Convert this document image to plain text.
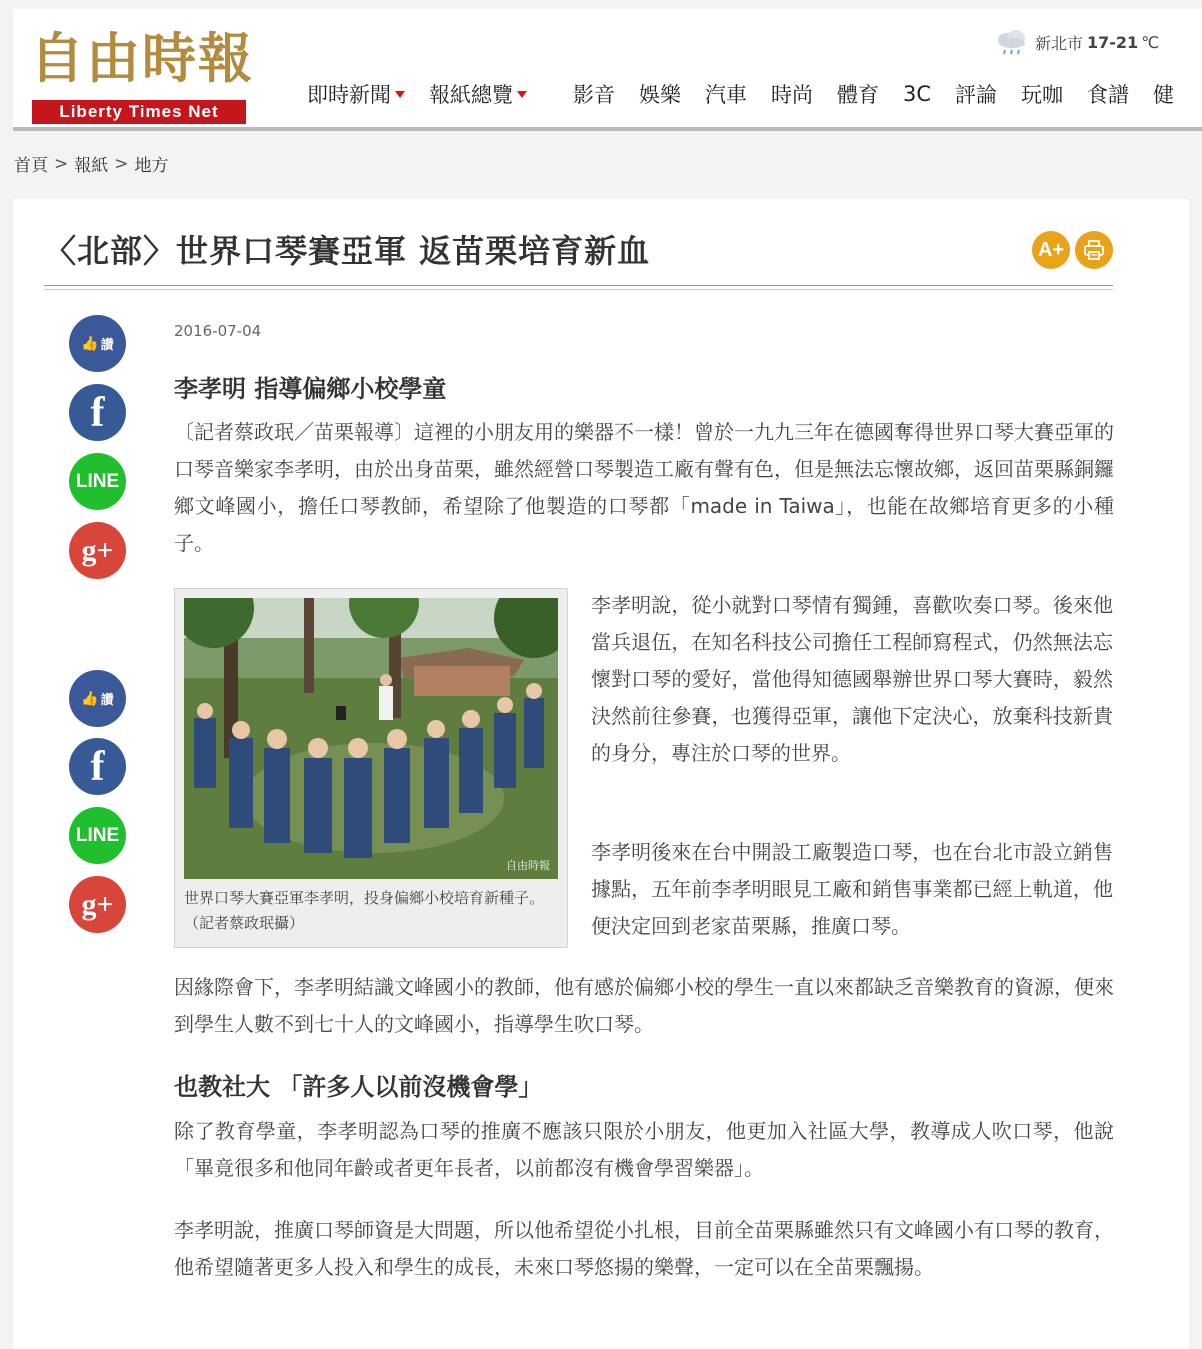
自由時報
Liberty Times Net
新北市 17-21 ℃
即時新聞 報紙總覽	影音 娛樂 汽車 時尚 體育 3C 評論 玩咖 食譜 健
首頁 > 報紙 > 地方
〈北部〉世界口琴賽亞軍 返苗栗培育新血	A+
👍 讚
f
LINE
g+
👍 讚
f
LINE
g+
2016-07-04
李孝明 指導偏鄉小校學童

〔記者蔡政珉／苗栗報導〕這裡的小朋友用的樂器不一樣！曾於一九九三年在德國奪得世界口琴大賽亞軍的口琴音樂家李孝明，由於出身苗栗，雖然經營口琴製造工廠有聲有色，但是無法忘懷故鄉，返回苗栗縣銅鑼鄉文峰國小，擔任口琴教師，希望除了他製造的口琴都「made in Taiwa」，也能在故鄉培育更多的小種子。

自由時報
世界口琴大賽亞軍李孝明，投身偏鄉小校培育新種子。（記者蔡政珉攝）

李孝明說，從小就對口琴情有獨鍾，喜歡吹奏口琴。後來他當兵退伍，在知名科技公司擔任工程師寫程式，仍然無法忘懷對口琴的愛好，當他得知德國舉辦世界口琴大賽時，毅然決然前往參賽，也獲得亞軍，讓他下定決心，放棄科技新貴的身分，專注於口琴的世界。

李孝明後來在台中開設工廠製造口琴，也在台北市設立銷售據點，五年前李孝明眼見工廠和銷售事業都已經上軌道，他便決定回到老家苗栗縣，推廣口琴。

因緣際會下，李孝明結識文峰國小的教師，他有感於偏鄉小校的學生一直以來都缺乏音樂教育的資源，便來到學生人數不到七十人的文峰國小，指導學生吹口琴。

也教社大 「許多人以前沒機會學」

除了教育學童，李孝明認為口琴的推廣不應該只限於小朋友，他更加入社區大學，教導成人吹口琴，他說「畢竟很多和他同年齡或者更年長者，以前都沒有機會學習樂器」。

李孝明說，推廣口琴師資是大問題，所以他希望從小扎根，目前全苗栗縣雖然只有文峰國小有口琴的教育，他希望隨著更多人投入和學生的成長，未來口琴悠揚的樂聲，一定可以在全苗栗飄揚。
